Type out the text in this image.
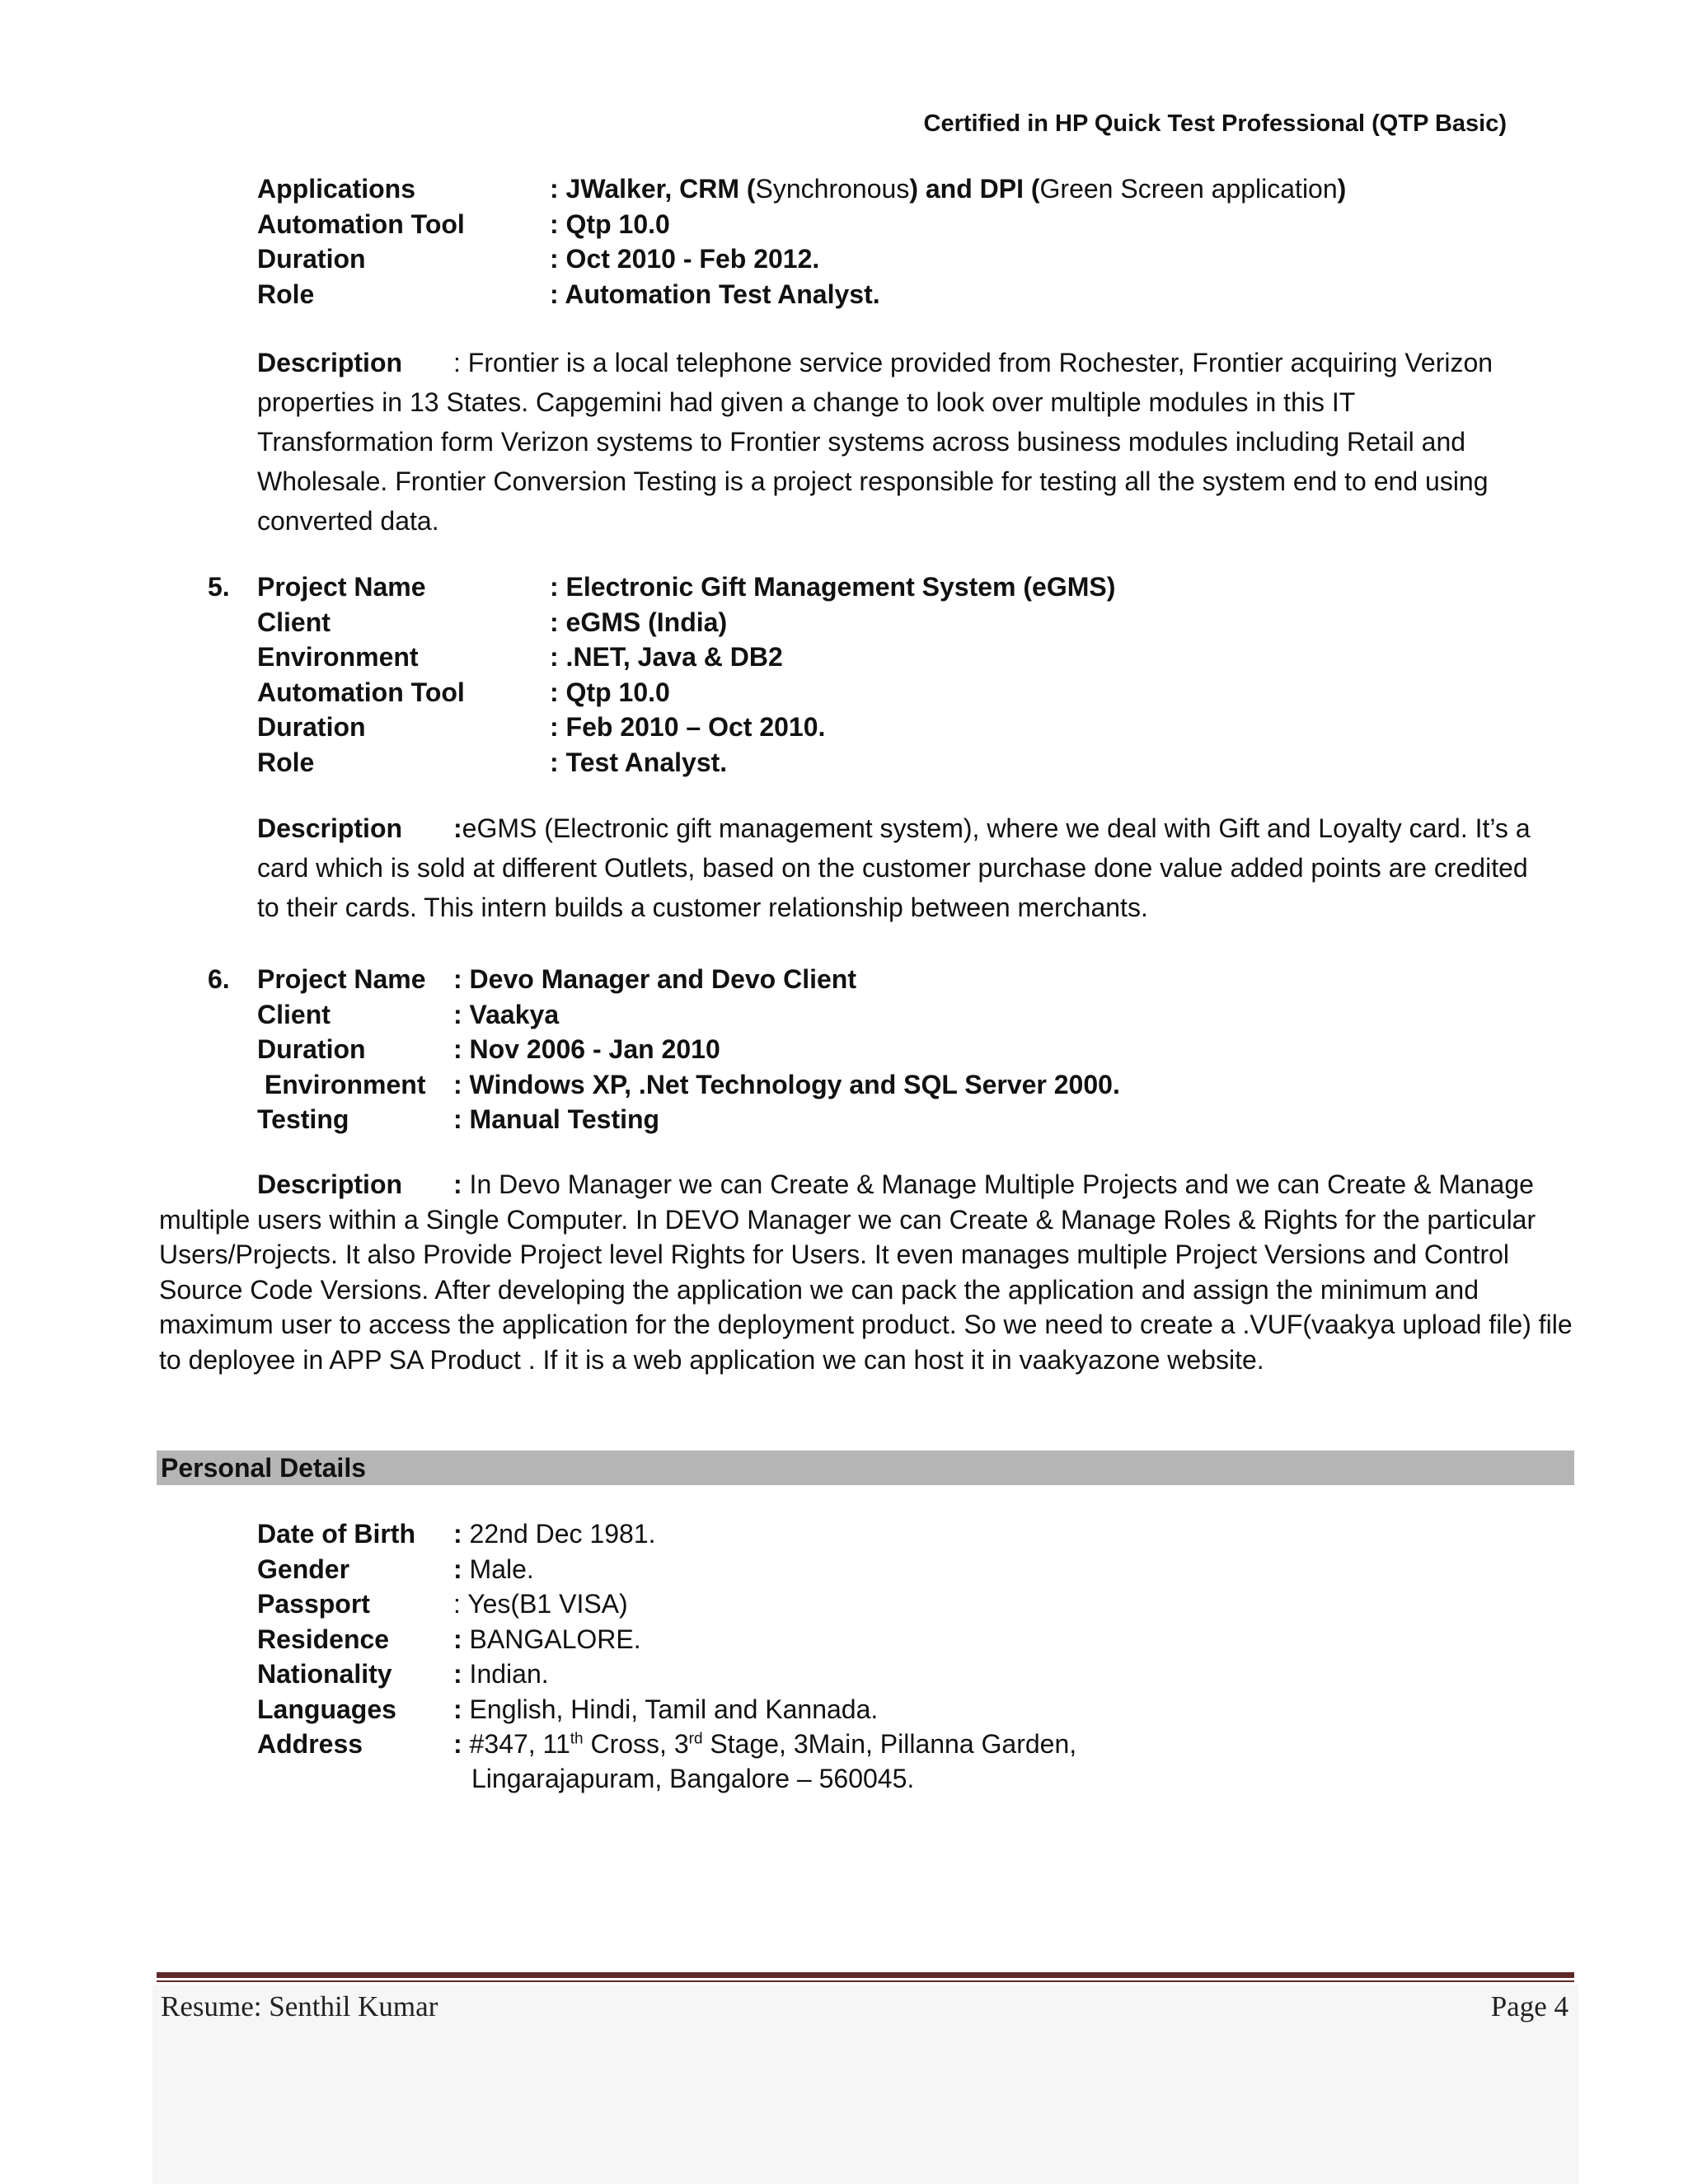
Certified in HP Quick Test Professional (QTP Basic)
Applications	: JWalker, CRM (Synchronous) and DPI (Green Screen application)
Automation Tool	: Qtp 10.0
Duration	: Oct 2010 - Feb 2012.
Role	: Automation Test Analyst.
Description : Frontier is a local telephone service provided from Rochester, Frontier acquiring Verizon properties in 13 States. Capgemini had given a change to look over multiple modules in this IT Transformation form Verizon systems to Frontier systems across business modules including Retail and Wholesale. Frontier Conversion Testing is a project responsible for testing all the system end to end using converted data.
5. Project Name	: Electronic Gift Management System (eGMS)
Client	: eGMS (India)
Environment	: .NET, Java & DB2
Automation Tool	: Qtp 10.0
Duration	: Feb 2010 – Oct 2010.
Role	: Test Analyst.
Description :eGMS (Electronic gift management system), where we deal with Gift and Loyalty card. It’s a card which is sold at different Outlets, based on the customer purchase done value added points are credited to their cards. This intern builds a customer relationship between merchants.
6. Project Name	: Devo Manager and Devo Client
Client	: Vaakya
Duration	: Nov 2006 - Jan 2010
Environment	: Windows XP, .Net Technology and SQL Server 2000.
Testing	: Manual Testing
Description : In Devo Manager we can Create & Manage Multiple Projects and we can Create & Manage multiple users within a Single Computer. In DEVO Manager we can Create & Manage Roles & Rights for the particular Users/Projects. It also Provide Project level Rights for Users. It even manages multiple Project Versions and Control Source Code Versions. After developing the application we can pack the application and assign the minimum and maximum user to access the application for the deployment product. So we need to create a .VUF(vaakya upload file) file to deployee in APP SA Product . If it is a web application we can host it in vaakyazone website.
Personal Details
Date of Birth	: 22nd Dec 1981.
Gender	: Male.
Passport	: Yes(B1 VISA)
Residence	: BANGALORE.
Nationality	: Indian.
Languages	: English, Hindi, Tamil and Kannada.
Address	: #347, 11th Cross, 3rd Stage, 3Main, Pillanna Garden,
Lingarajapuram, Bangalore – 560045.
Resume: Senthil Kumar	Page 4
